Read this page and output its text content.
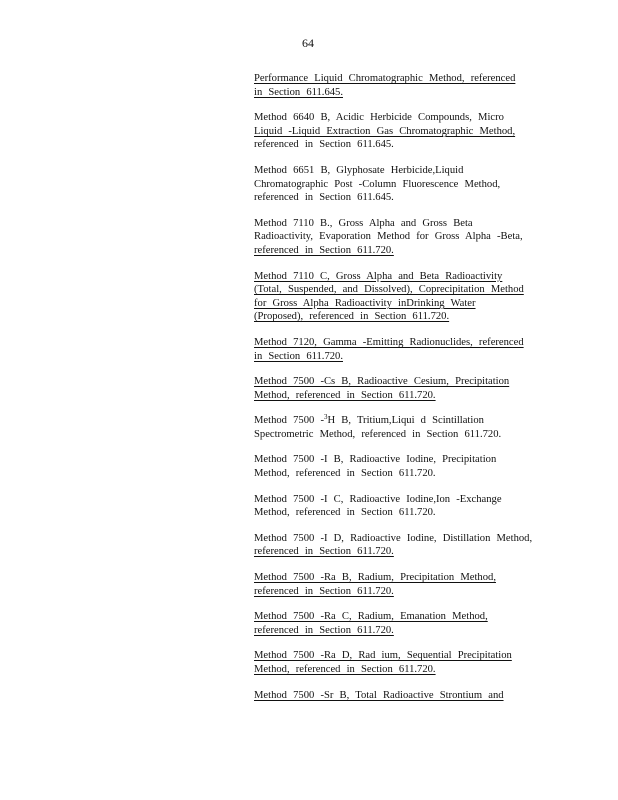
64
Performance Liquid Chromatographic Method, referenced
in Section 611.645.
Method 6640 B, Acidic Herbicide Compounds, Micro
Liquid -Liquid Extraction Gas Chromatographic Method,
referenced in Section 611.645.
Method 6651 B, Glyphosate Herbicide,Liquid
Chromatographic Post -Column Fluorescence Method,
referenced in Section 611.645.
Method 7110 B., Gross Alpha and Gross Beta
Radioactivity, Evaporation Method for Gross Alpha -Beta,
referenced in Section 611.720.
Method 7110 C, Gross Alpha and Beta Radioactivity
(Total, Suspended, and Dissolved), Coprecipitation Method
for Gross Alpha Radioactivity inDrinking Water
(Proposed), referenced in Section 611.720.
Method 7120, Gamma -Emitting Radionuclides, referenced
in Section 611.720.
Method 7500 -Cs B, Radioactive Cesium, Precipitation
Method, referenced in Section 611.720.
Method 7500 -$^3$H B, Tritium,Liqui d Scintillation
Spectrometric Method, referenced in Section 611.720.
Method 7500 -I B, Radioactive Iodine, Precipitation
Method, referenced in Section 611.720.
Method 7500 -I C, Radioactive Iodine,Ion -Exchange
Method, referenced in Section 611.720.
Method 7500 -I D, Radioactive Iodine, Distillation Method,
referenced in Section 611.720.
Method 7500 -Ra B, Radium, Precipitation Method,
referenced in Section 611.720.
Method 7500 -Ra C, Radium, Emanation Method,
referenced in Section 611.720.
Method 7500 -Ra D, Rad ium, Sequential Precipitation
Method, referenced in Section 611.720.
Method 7500 -Sr B, Total Radioactive Strontium and
